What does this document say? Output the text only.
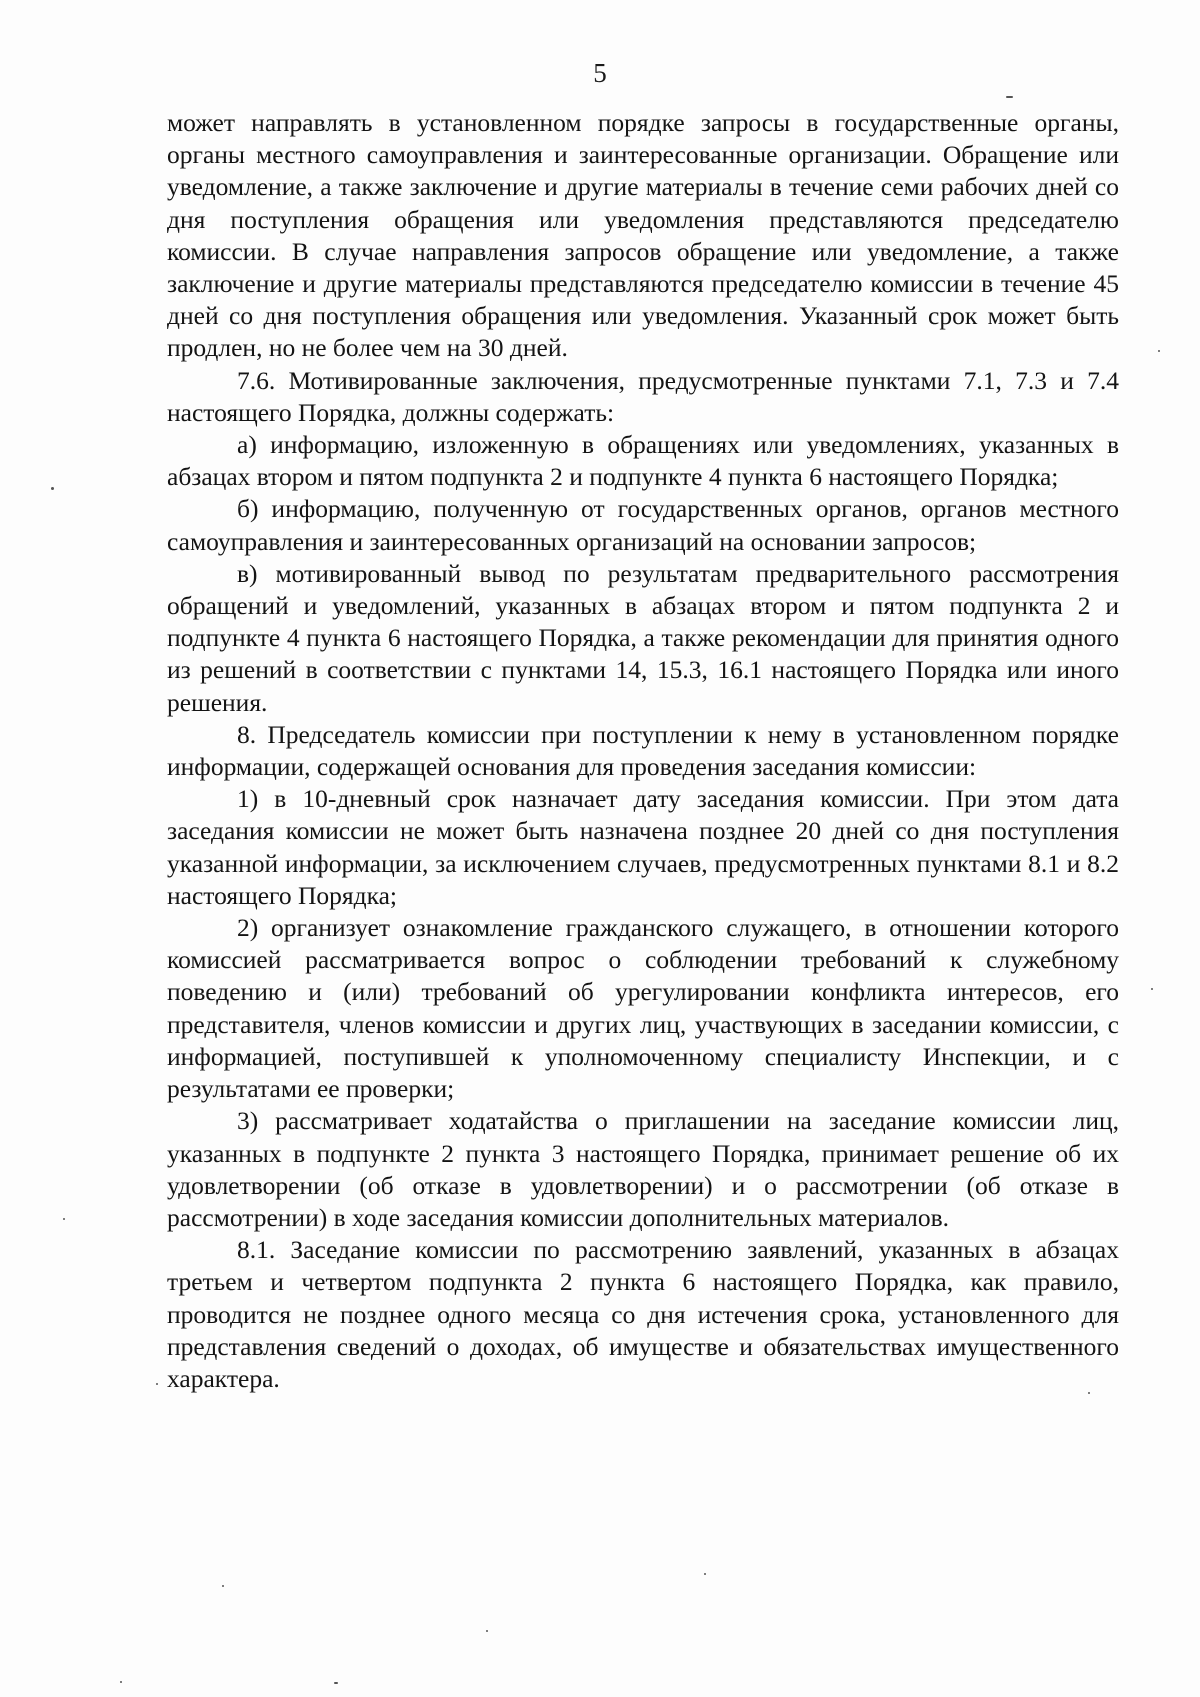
5

может направлять в установленном порядке запросы в государственные органы, органы местного самоуправления и заинтересованные организации. Обращение или уведомление, а также заключение и другие материалы в течение семи рабочих дней со дня поступления обращения или уведомления представляются председателю комиссии. В случае направления запросов обращение или уведомление, а также заключение и другие материалы представляются председателю комиссии в течение 45 дней со дня поступления обращения или уведомления. Указанный срок может быть продлен, но не более чем на 30 дней.

7.6. Мотивированные заключения, предусмотренные пунктами 7.1, 7.3 и 7.4 настоящего Порядка, должны содержать:

а) информацию, изложенную в обращениях или уведомлениях, указанных в абзацах втором и пятом подпункта 2 и подпункте 4 пункта 6 настоящего Порядка;

б) информацию, полученную от государственных органов, органов местного самоуправления и заинтересованных организаций на основании запросов;

в) мотивированный вывод по результатам предварительного рассмотрения обращений и уведомлений, указанных в абзацах втором и пятом подпункта 2 и подпункте 4 пункта 6 настоящего Порядка, а также рекомендации для принятия одного из решений в соответствии с пунктами 14, 15.3, 16.1 настоящего Порядка или иного решения.

8. Председатель комиссии при поступлении к нему в установленном порядке информации, содержащей основания для проведения заседания комиссии:

1) в 10-дневный срок назначает дату заседания комиссии. При этом дата заседания комиссии не может быть назначена позднее 20 дней со дня поступления указанной информации, за исключением случаев, предусмотренных пунктами 8.1 и 8.2 настоящего Порядка;

2) организует ознакомление гражданского служащего, в отношении которого комиссией рассматривается вопрос о соблюдении требований к служебному поведению и (или) требований об урегулировании конфликта интересов, его представителя, членов комиссии и других лиц, участвующих в заседании комиссии, с информацией, поступившей к уполномоченному специалисту Инспекции, и с результатами ее проверки;

3) рассматривает ходатайства о приглашении на заседание комиссии лиц, указанных в подпункте 2 пункта 3 настоящего Порядка, принимает решение об их удовлетворении (об отказе в удовлетворении) и о рассмотрении (об отказе в рассмотрении) в ходе заседания комиссии дополнительных материалов.

8.1. Заседание комиссии по рассмотрению заявлений, указанных в абзацах третьем и четвертом подпункта 2 пункта 6 настоящего Порядка, как правило, проводится не позднее одного месяца со дня истечения срока, установленного для представления сведений о доходах, об имуществе и обязательствах имущественного характера.
